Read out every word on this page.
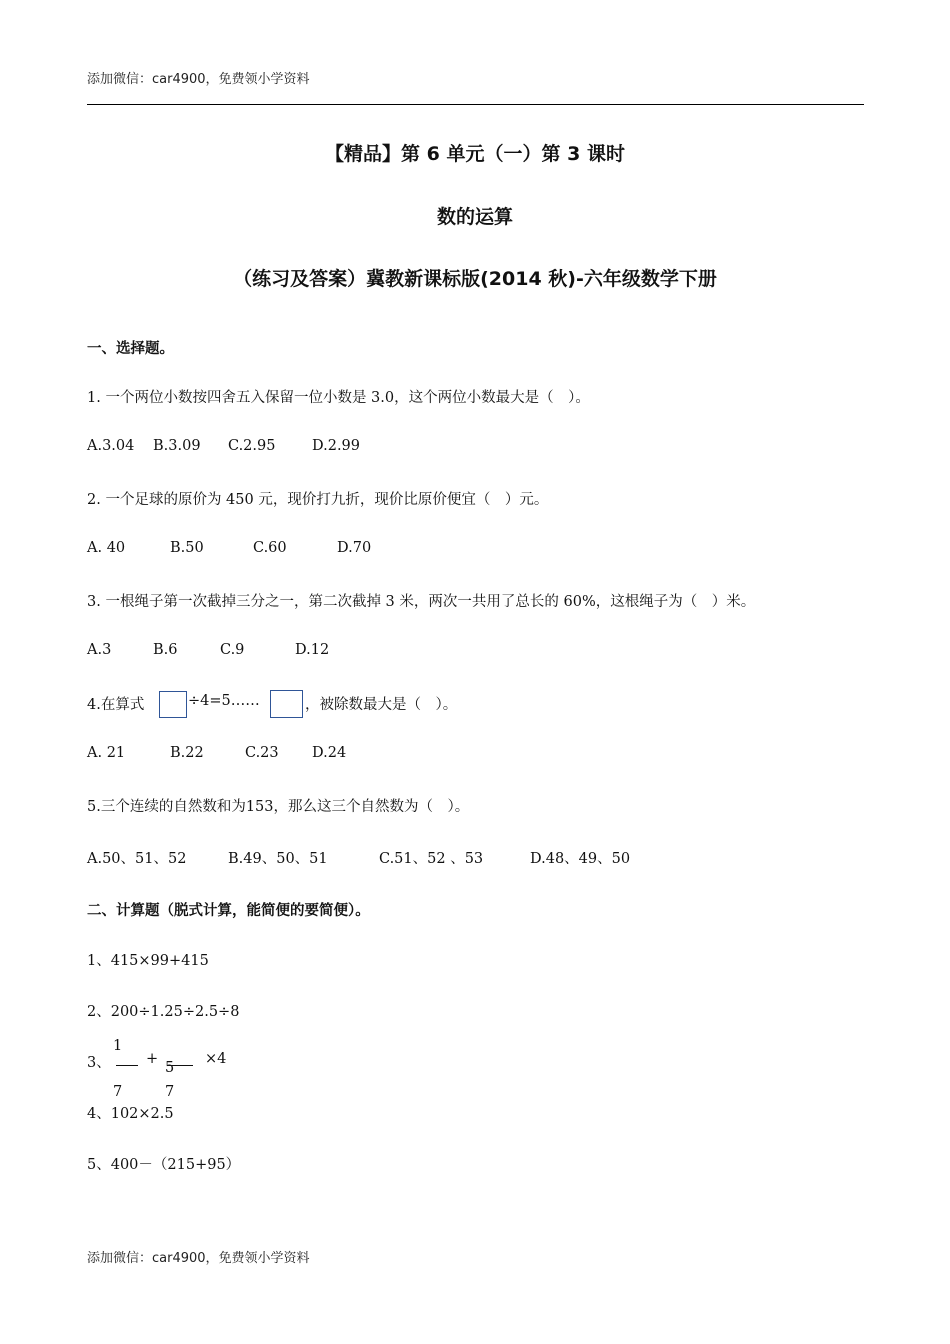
添加微信：car4900，免费领小学资料
【精品】第 6 单元（一）第 3 课时
数的运算
（练习及答案）冀教新课标版(2014 秋)-六年级数学下册
一、选择题。
1. 一个两位小数按四舍五入保留一位小数是 3.0，这个两位小数最大是（　）。
A.3.04 B.3.09 C.2.95	D.2.99
2. 一个足球的原价为 450 元，现价打九折，现价比原价便宜（　）元。
A. 40	B.50	C.60	D.70
3. 一根绳子第一次截掉三分之一，第二次截掉 3 米，两次一共用了总长的 60%，这根绳子为（　）米。
A.3	B.6	C.9	D.12
4.在算式	÷4=5……	，被除数最大是（　）。
A. 21	B.22	C.23 D.24
5.三个连续的自然数和为153，那么这三个自然数为（　）。
A.50、51、52	B.49、50、51	C.51、52 、53	D.48、49、50
二、计算题（脱式计算，能简便的要简便）。
1、415×99+415
2、200÷1.25÷2.5÷8
3、
1
7
+
5
7
×4
4、102×2.5
5、400－（215+95）
添加微信：car4900，免费领小学资料
